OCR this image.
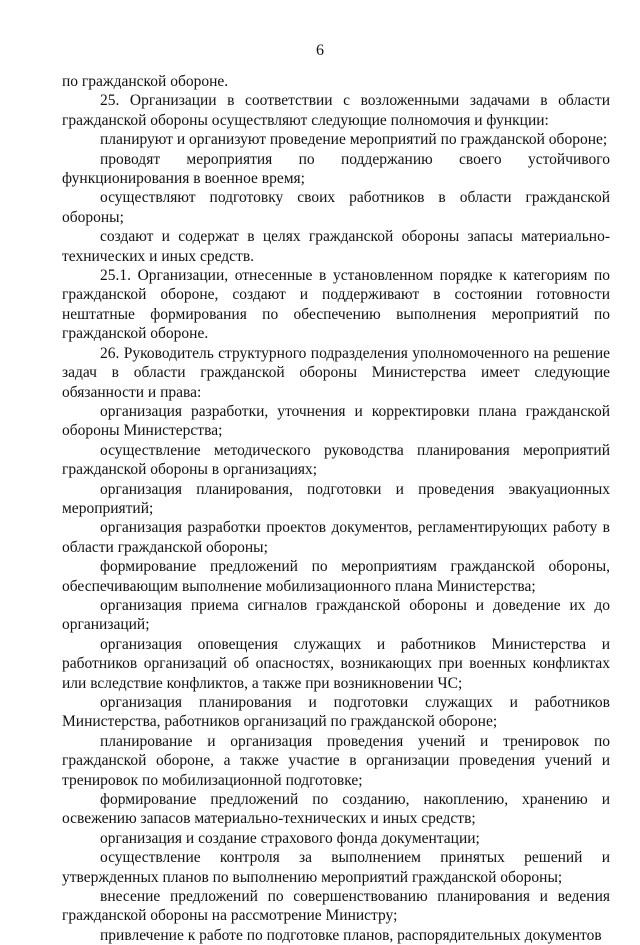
6

по гражданской обороне.

25. Организации в соответствии с возложенными задачами в области гражданской обороны осуществляют следующие полномочия и функции:

планируют и организуют проведение мероприятий по гражданской обороне;

проводят мероприятия по поддержанию своего устойчивого функционирования в военное время;

осуществляют подготовку своих работников в области гражданской обороны;

создают и содержат в целях гражданской обороны запасы материально-технических и иных средств.

25.1. Организации, отнесенные в установленном порядке к категориям по гражданской обороне, создают и поддерживают в состоянии готовности нештатные формирования по обеспечению выполнения мероприятий по гражданской обороне.

26. Руководитель структурного подразделения уполномоченного на решение задач в области гражданской обороны Министерства имеет следующие обязанности и права:

организация разработки, уточнения и корректировки плана гражданской обороны Министерства;

осуществление методического руководства планирования мероприятий гражданской обороны в организациях;

организация планирования, подготовки и проведения эвакуационных мероприятий;

организация разработки проектов документов, регламентирующих работу в области гражданской обороны;

формирование предложений по мероприятиям гражданской обороны, обеспечивающим выполнение мобилизационного плана Министерства;

организация приема сигналов гражданской обороны и доведение их до организаций;

организация оповещения служащих и работников Министерства и работников организаций об опасностях, возникающих при военных конфликтах или вследствие конфликтов, а также при возникновении ЧС;

организация планирования и подготовки служащих и работников Министерства, работников организаций по гражданской обороне;

планирование и организация проведения учений и тренировок по гражданской обороне, а также участие в организации проведения учений и тренировок по мобилизационной подготовке;

формирование предложений по созданию, накоплению, хранению и освежению запасов материально-технических и иных средств;

организация и создание страхового фонда документации;

осуществление контроля за выполнением принятых решений и утвержденных планов по выполнению мероприятий гражданской обороны;

внесение предложений по совершенствованию планирования и ведения гражданской обороны на рассмотрение Министру;

привлечение к работе по подготовке планов, распорядительных документов
